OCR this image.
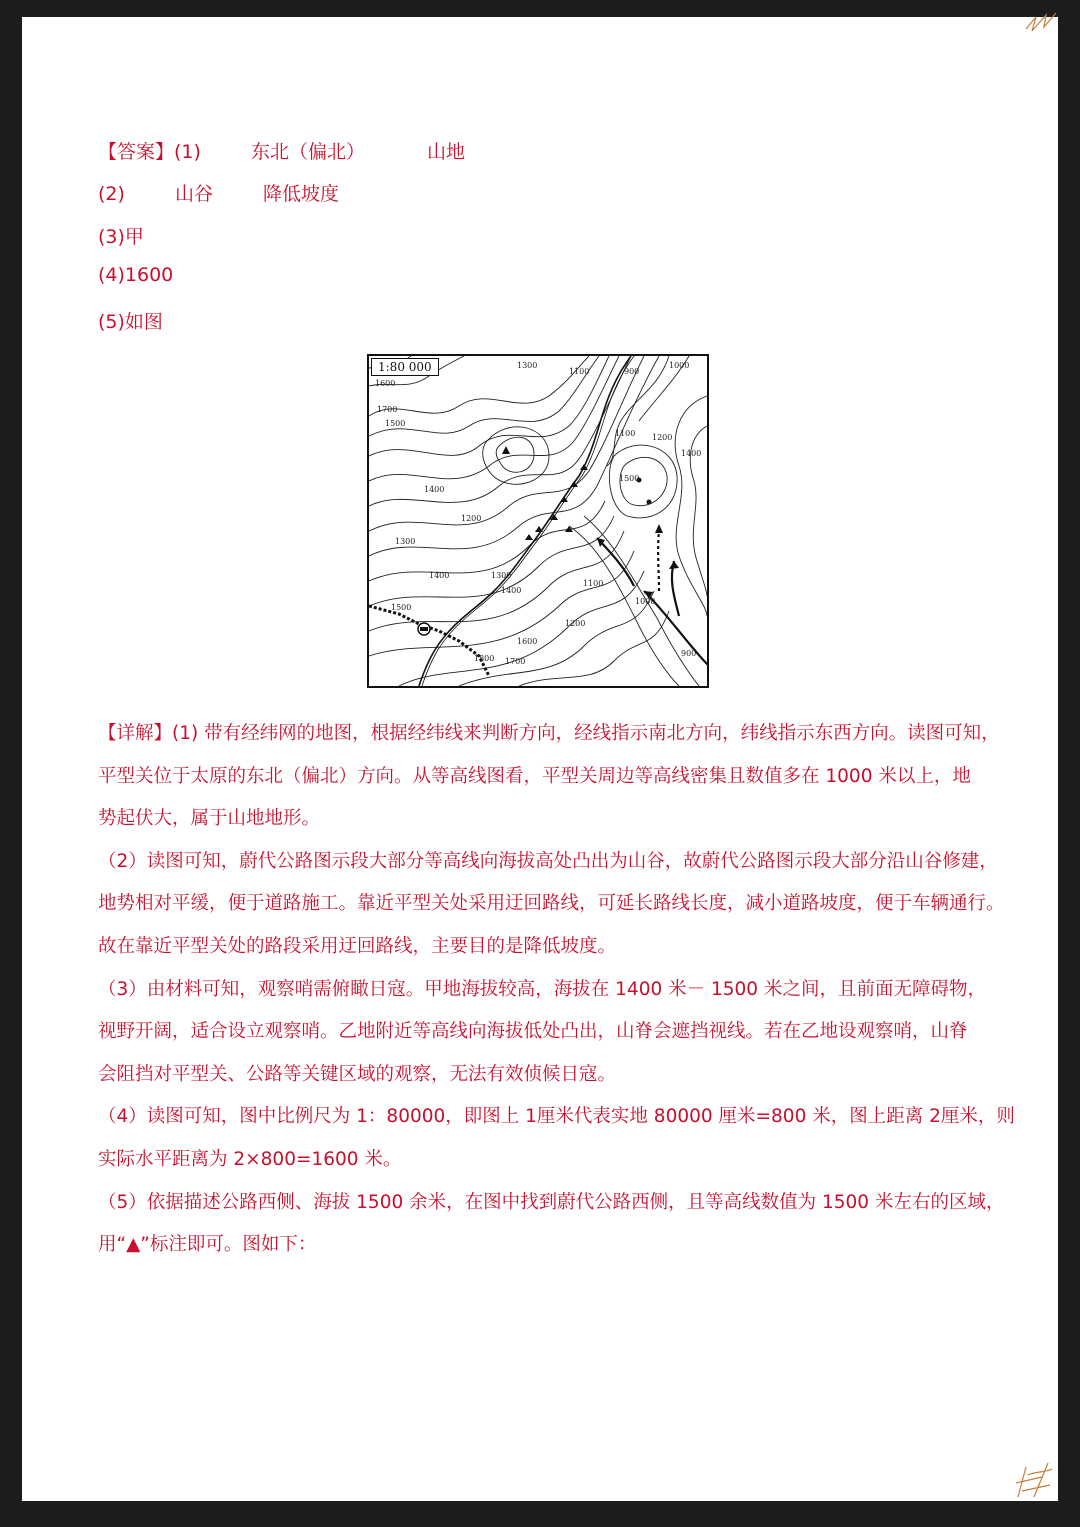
【答案】(1)	东北（偏北）	山地
(2)	山谷	降低坡度
(3)甲
(4)1600
(5)如图
1600
1700
1500
1300
1100	900
1000
1100 1200
1400
1500
1400
1200
1300
1400	1300
1400
1100
1500
1200
1000
1600
1800 1700
900
1:80 000

【详解】(1) 带有经纬网的地图，根据经纬线来判断方向，经线指示南北方向，纬线指示东西方向。读图可知，

平型关位于太原的东北（偏北）方向。从等高线图看，平型关周边等高线密集且数值多在 1000 米以上，地

势起伏大，属于山地地形。

（2）读图可知，蔚代公路图示段大部分等高线向海拔高处凸出为山谷，故蔚代公路图示段大部分沿山谷修建，

地势相对平缓，便于道路施工。靠近平型关处采用迂回路线，可延长路线长度，减小道路坡度，便于车辆通行。

故在靠近平型关处的路段采用迂回路线，主要目的是降低坡度。

（3）由材料可知，观察哨需俯瞰日寇。甲地海拔较高，海拔在 1400 米－ 1500 米之间，且前面无障碍物，

视野开阔，适合设立观察哨。乙地附近等高线向海拔低处凸出，山脊会遮挡视线。若在乙地设观察哨，山脊

会阻挡对平型关、公路等关键区域的观察，无法有效侦候日寇。

（4）读图可知，图中比例尺为 1：80000，即图上 1厘米代表实地 80000 厘米=800 米，图上距离 2厘米，则

实际水平距离为 2×800=1600 米。

（5）依据描述公路西侧、海拔 1500 余米，在图中找到蔚代公路西侧，且等高线数值为 1500 米左右的区域，

用“▲”标注即可。图如下：
